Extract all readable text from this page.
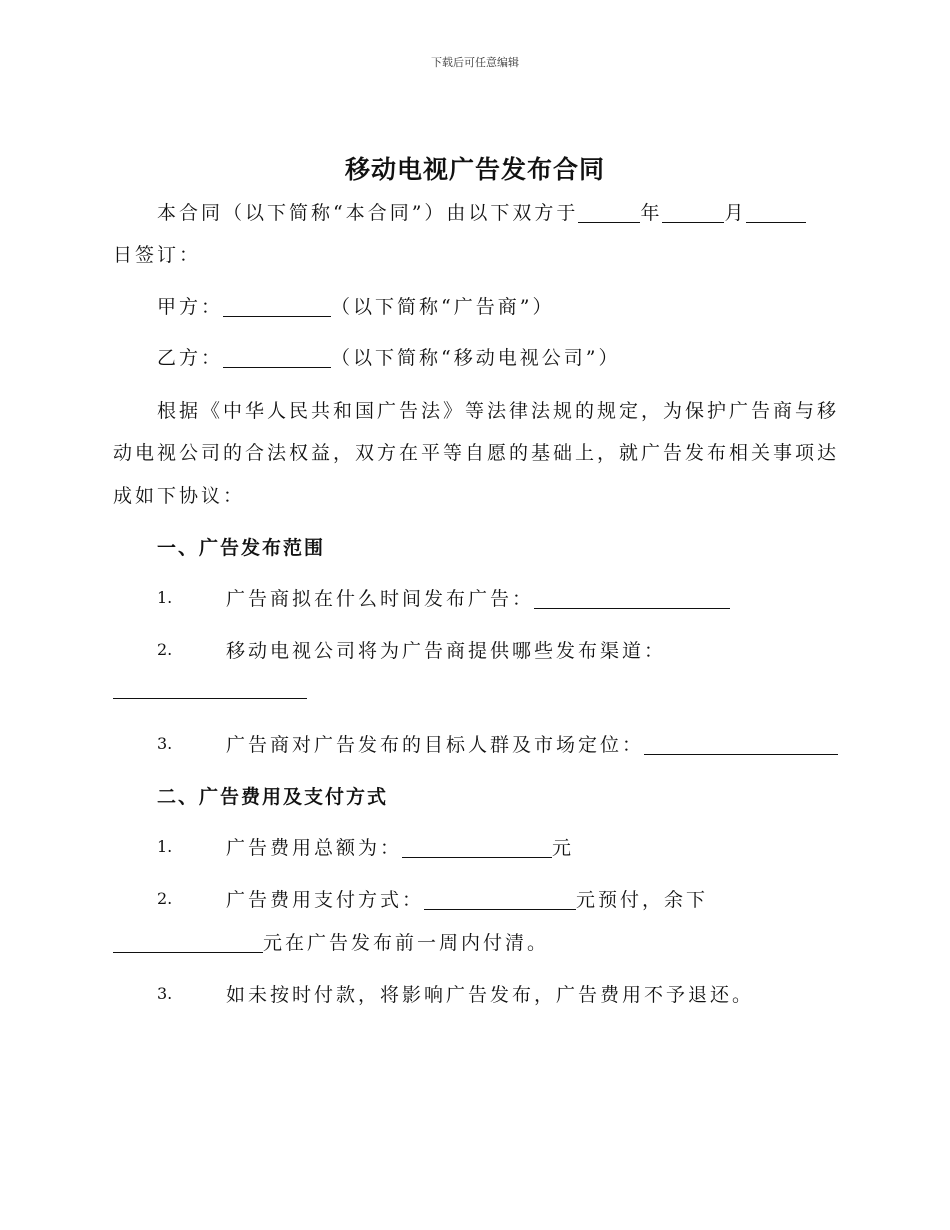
下载后可任意编辑
移动电视广告发布合同
本合同（以下简称“本合同”）由以下双方于	年	月
日签订：
甲方：	（以下简称“广告商”）
乙方：	（以下简称“移动电视公司”）
根据《中华人民共和国广告法》等法律法规的规定，为保护广告商与移
动电视公司的合法权益，双方在平等自愿的基础上，就广告发布相关事项达
成如下协议：
一、广告发布范围
1.	广告商拟在什么时间发布广告：
2.	移动电视公司将为广告商提供哪些发布渠道：
3.	广告商对广告发布的目标人群及市场定位：
二、广告费用及支付方式
1.	广告费用总额为：	元
2.	广告费用支付方式：	元预付，余下
元在广告发布前一周内付清。
3.	如未按时付款，将影响广告发布，广告费用不予退还。
